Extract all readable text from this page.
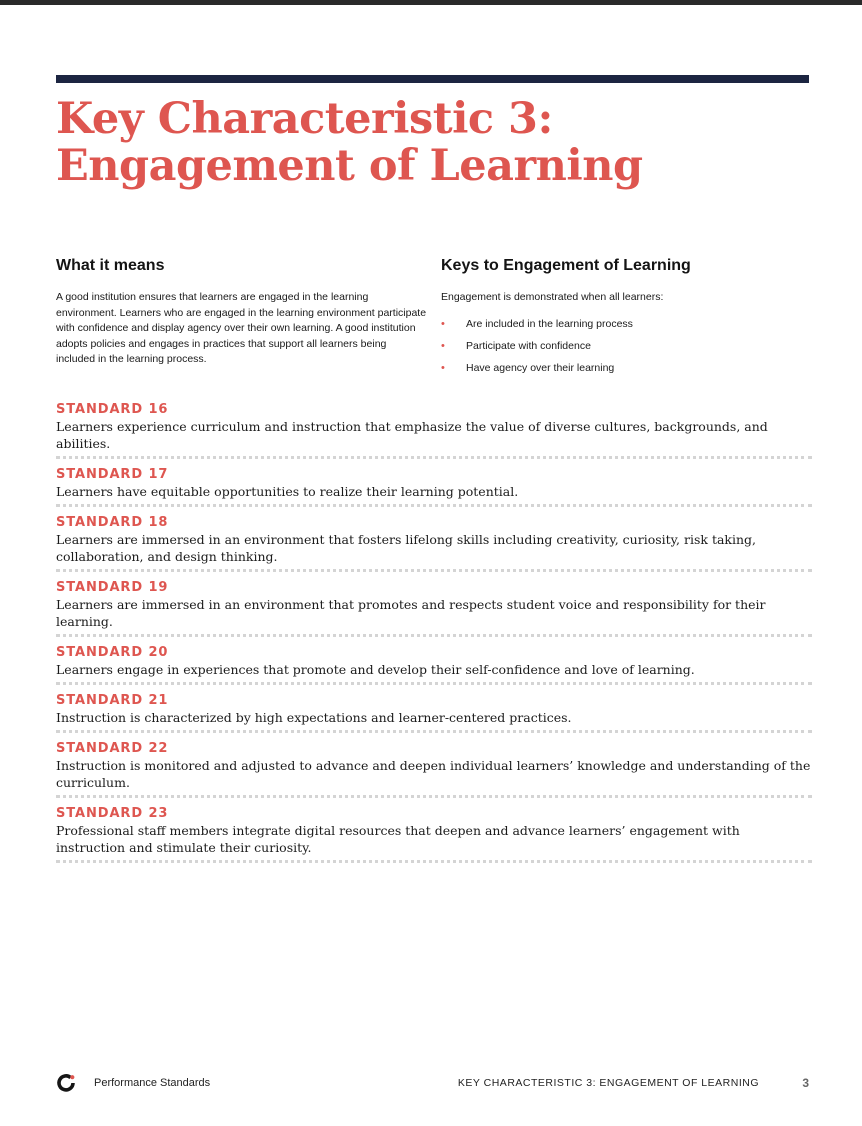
Key Characteristic 3:
Engagement of Learning
What it means

A good institution ensures that learners are engaged in the learning environment. Learners who are engaged in the learning environment participate with confidence and display agency over their own learning. A good institution adopts policies and engages in practices that support all learners being included in the learning process.

Keys to Engagement of Learning

Engagement is demonstrated when all learners:

• Are included in the learning process
• Participate with confidence
• Have agency over their learning
STANDARD 16
Learners experience curriculum and instruction that emphasize the value of diverse cultures, backgrounds, and abilities.
STANDARD 17
Learners have equitable opportunities to realize their learning potential.
STANDARD 18
Learners are immersed in an environment that fosters lifelong skills including creativity, curiosity, risk taking, collaboration, and design thinking.
STANDARD 19
Learners are immersed in an environment that promotes and respects student voice and responsibility for their learning.
STANDARD 20
Learners engage in experiences that promote and develop their self-confidence and love of learning.
STANDARD 21
Instruction is characterized by high expectations and learner-centered practices.
STANDARD 22
Instruction is monitored and adjusted to advance and deepen individual learners’ knowledge and understanding of the curriculum.
STANDARD 23
Professional staff members integrate digital resources that deepen and advance learners’ engagement with instruction and stimulate their curiosity.
Performance Standards	KEY CHARACTERISTIC 3: ENGAGEMENT OF LEARNING	3
